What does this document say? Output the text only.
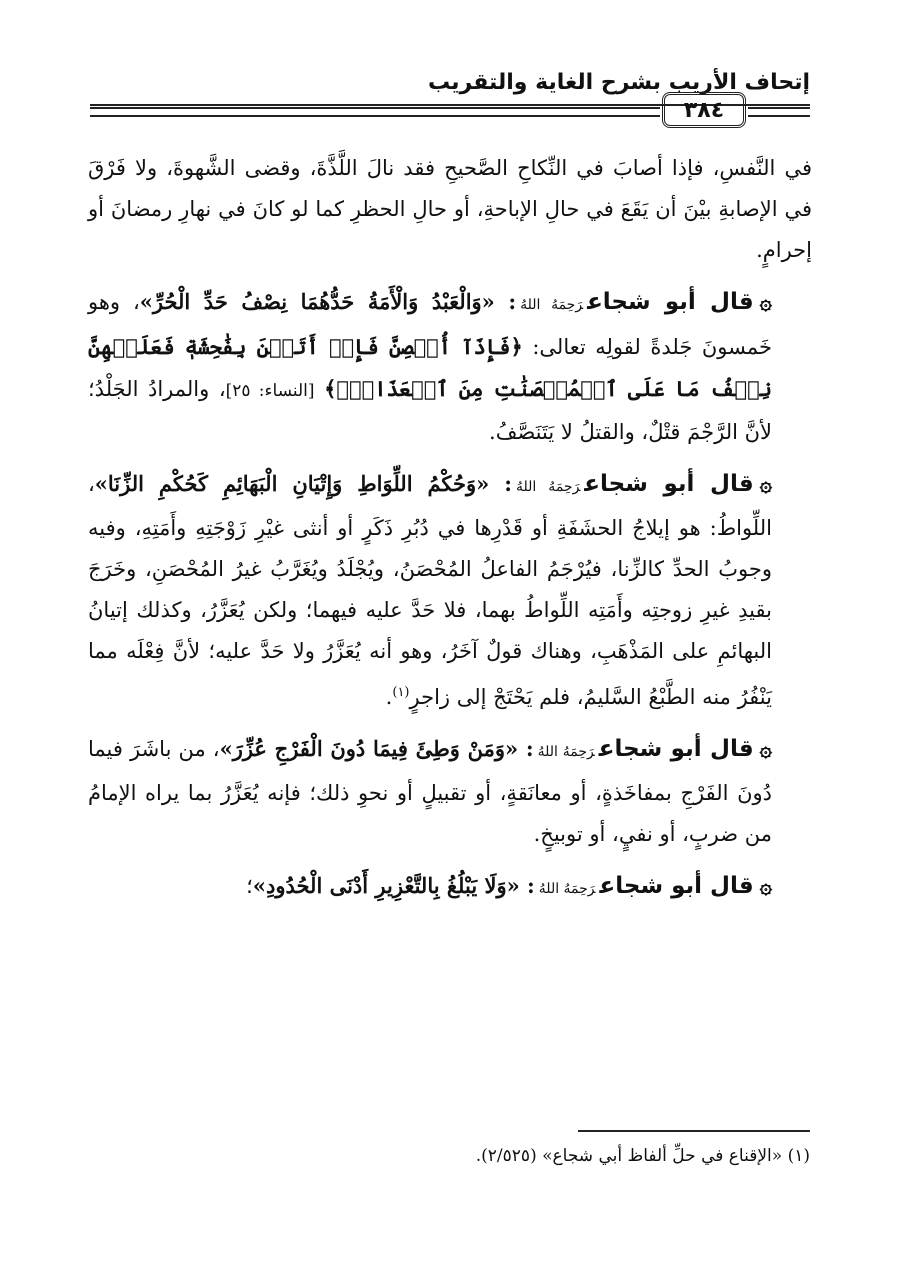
إتحاف الأريب بشرح الغاية والتقريب
٣٨٤

في النَّفسِ، فإذا أصابَ في النِّكاحِ الصَّحيحِ فقد نالَ اللَّذَّةَ، وقضى الشَّهوةَ، ولا فَرْقَ في الإصابةِ بيْنَ أن يَقَعَ في حالِ الإباحةِ، أو حالِ الحظرِ كما لو كانَ في نهارِ رمضانَ أو إحرامٍ.

۞قال أبو شجاعرَحِمَهُ اللهُ: «وَالْعَبْدُ وَالْأَمَةُ حَدُّهُمَا نِصْفُ حَدِّ الْحُرِّ»، وهو خَمسونَ جَلدةً لقولِه تعالى: ﴿فَإِذَآ أُحۡصِنَّ فَإِنۡ أَتَيۡنَ بِفَٰحِشَةٖ فَعَلَيۡهِنَّ نِصۡفُ مَا عَلَى ٱلۡمُحۡصَنَٰتِ مِنَ ٱلۡعَذَابِۚ﴾ [النساء: ٢٥]، والمرادُ الجَلْدُ؛ لأنَّ الرَّجْمَ قتْلٌ، والقتلُ لا يَتَنَصَّفُ.

۞قال أبو شجاعرَحِمَهُ اللهُ: «وَحُكْمُ اللِّوَاطِ وَإِتْيَانِ الْبَهَائِمِ كَحُكْمِ الزِّنَا»، اللِّواطُ: هو إيلاجُ الحشَفَةِ أو قَدْرِها في دُبُرِ ذَكَرٍ أو أنثى غيْرِ زَوْجَتِهِ وأَمَتِهِ، وفيه وجوبُ الحدِّ كالزِّنا، فيُرْجَمُ الفاعلُ المُحْصَنُ، ويُجْلَدُ ويُغَرَّبُ غيرُ المُحْصَنِ، وخَرَجَ بقيدِ غيرِ زوجتِه وأَمَتِه اللِّواطُ بهما، فلا حَدَّ عليه فيهما؛ ولكن يُعَزَّرُ، وكذلك إتيانُ البهائمِ على المَذْهَبِ، وهناك قولٌ آخَرُ، وهو أنه يُعَزَّرُ ولا حَدَّ عليه؛ لأنَّ فِعْلَه مما يَنْفُرُ منه الطَّبْعُ السَّليمُ، فلم يَحْتَجْ إلى زاجرٍ$^{(١)}$.

۞قال أبو شجاعرَحِمَهُ اللهُ: «وَمَنْ وَطِئَ فِيمَا دُونَ الْفَرْجِ عُزِّرَ»، من باشَرَ فيما دُونَ الفَرْجِ بمفاخَذةٍ، أو معانَقةٍ، أو تقبيلٍ أو نحوِ ذلك؛ فإنه يُعَزَّرُ بما يراه الإمامُ من ضربٍ، أو نفيٍ، أو توبيخٍ.

۞قال أبو شجاعرَحِمَهُ اللهُ: «وَلَا يَبْلُغُ بِالتَّعْزِيرِ أَدْنَى الْحُدُودِ»؛

(١) «الإقناع في حلِّ ألفاظ أبي شجاع» (٢/٥٢٥).
